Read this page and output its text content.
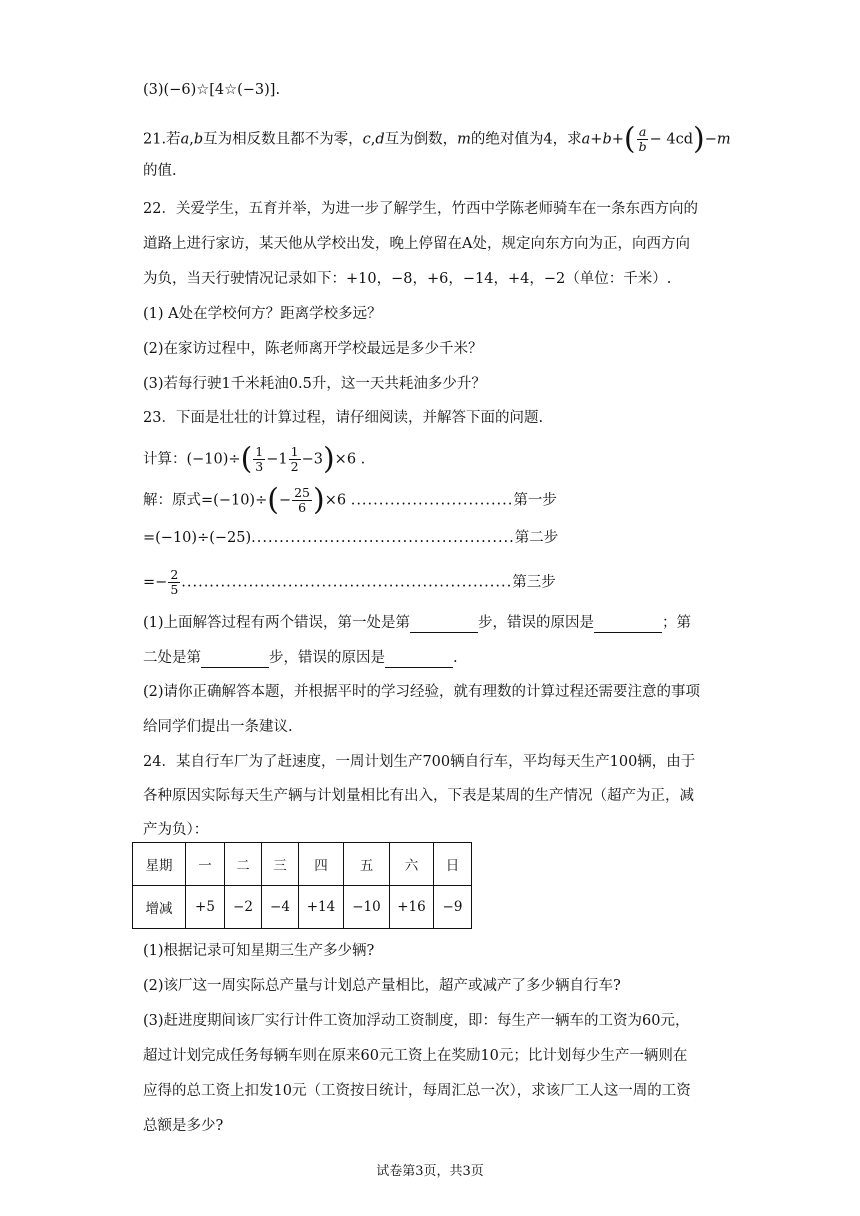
(3)(−6)☆[4☆(−3)].
21.若a,b互为相反数且都不为零，c,d互为倒数，m的绝对值为4，求$a+b+( \frac{a}{b} - 4cd)-m$
的值.
22．关爱学生，五育并举，为进一步了解学生，竹西中学陈老师骑车在一条东西方向的
道路上进行家访，某天他从学校出发，晚上停留在A处，规定向东方向为正，向西方向
为负，当天行驶情况记录如下：+10，−8，+6，−14，+4，−2（单位：千米）.
(1) A处在学校何方？距离学校多远？
(2)在家访过程中，陈老师离开学校最远是多少千米？
(3)若每行驶1千米耗油0.5升，这一天共耗油多少升？
23．下面是壮壮的计算过程，请仔细阅读，并解答下面的问题.
计算：$(-10)\div( \frac{1}{3} -1 \frac{1}{2} -3)\times 6$ .
解：原式$=(-10)\div(- \frac{25}{6} )\times 6$ .............................第一步
=(−10)÷(−25)...............................................第二步
=− $\frac{2}{5}$ ...........................................................第三步
(1)上面解答过程有两个错误，第一处是第	步，错误的原因是	；第
二处是第	步，错误的原因是	.
(2)请你正确解答本题，并根据平时的学习经验，就有理数的计算过程还需要注意的事项
给同学们提出一条建议.
24．某自行车厂为了赶速度，一周计划生产700辆自行车，平均每天生产100辆，由于
各种原因实际每天生产辆与计划量相比有出入，下表是某周的生产情况（超产为正，减
产为负）：
星期	一	二	三	四	五	六	日
增减	+5	−2	−4	+14	−10	+16	−9
(1)根据记录可知星期三生产多少辆?
(2)该厂这一周实际总产量与计划总产量相比，超产或减产了多少辆自行车?
(3)赶进度期间该厂实行计件工资加浮动工资制度，即：每生产一辆车的工资为60元，
超过计划完成任务每辆车则在原来60元工资上在奖励10元；比计划每少生产一辆则在
应得的总工资上扣发10元（工资按日统计，每周汇总一次），求该厂工人这一周的工资
总额是多少?
试卷第3页，共3页
